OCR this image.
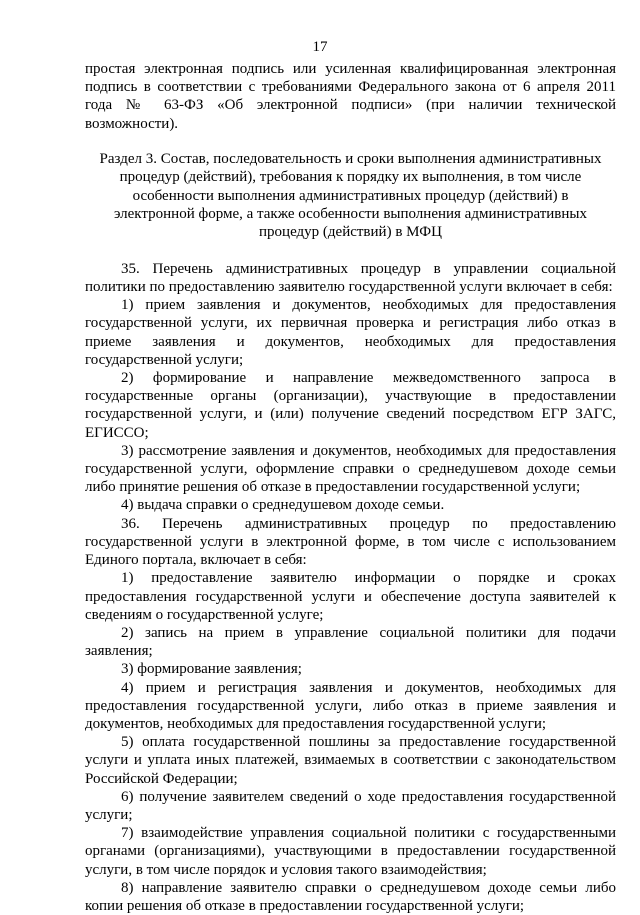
17

простая электронная подпись или усиленная квалифицированная электронная подпись в соответствии с требованиями Федерального закона от 6 апреля 2011 года № 63-ФЗ «Об электронной подписи» (при наличии технической возможности).

Раздел 3. Состав, последовательность и сроки выполнения административных процедур (действий), требования к порядку их выполнения, в том числе особенности выполнения административных процедур (действий) в электронной форме, а также особенности выполнения административных процедур (действий) в МФЦ

35. Перечень административных процедур в управлении социальной политики по предоставлению заявителю государственной услуги включает в себя:

1) прием заявления и документов, необходимых для предоставления государственной услуги, их первичная проверка и регистрация либо отказ в приеме заявления и документов, необходимых для предоставления государственной услуги;

2) формирование и направление межведомственного запроса в государственные органы (организации), участвующие в предоставлении государственной услуги, и (или) получение сведений посредством ЕГР ЗАГС, ЕГИССО;

3) рассмотрение заявления и документов, необходимых для предоставления государственной услуги, оформление справки о среднедушевом доходе семьи либо принятие решения об отказе в предоставлении государственной услуги;

4) выдача справки о среднедушевом доходе семьи.

36. Перечень административных процедур по предоставлению государственной услуги в электронной форме, в том числе с использованием Единого портала, включает в себя:

1) предоставление заявителю информации о порядке и сроках предоставления государственной услуги и обеспечение доступа заявителей к сведениям о государственной услуге;

2) запись на прием в управление социальной политики для подачи заявления;

3) формирование заявления;

4) прием и регистрация заявления и документов, необходимых для предоставления государственной услуги, либо отказ в приеме заявления и документов, необходимых для предоставления государственной услуги;

5) оплата государственной пошлины за предоставление государственной услуги и уплата иных платежей, взимаемых в соответствии с законодательством Российской Федерации;

6) получение заявителем сведений о ходе предоставления государственной услуги;

7) взаимодействие управления социальной политики с государственными органами (организациями), участвующими в предоставлении государственной услуги, в том числе порядок и условия такого взаимодействия;

8) направление заявителю справки о среднедушевом доходе семьи либо копии решения об отказе в предоставлении государственной услуги;
